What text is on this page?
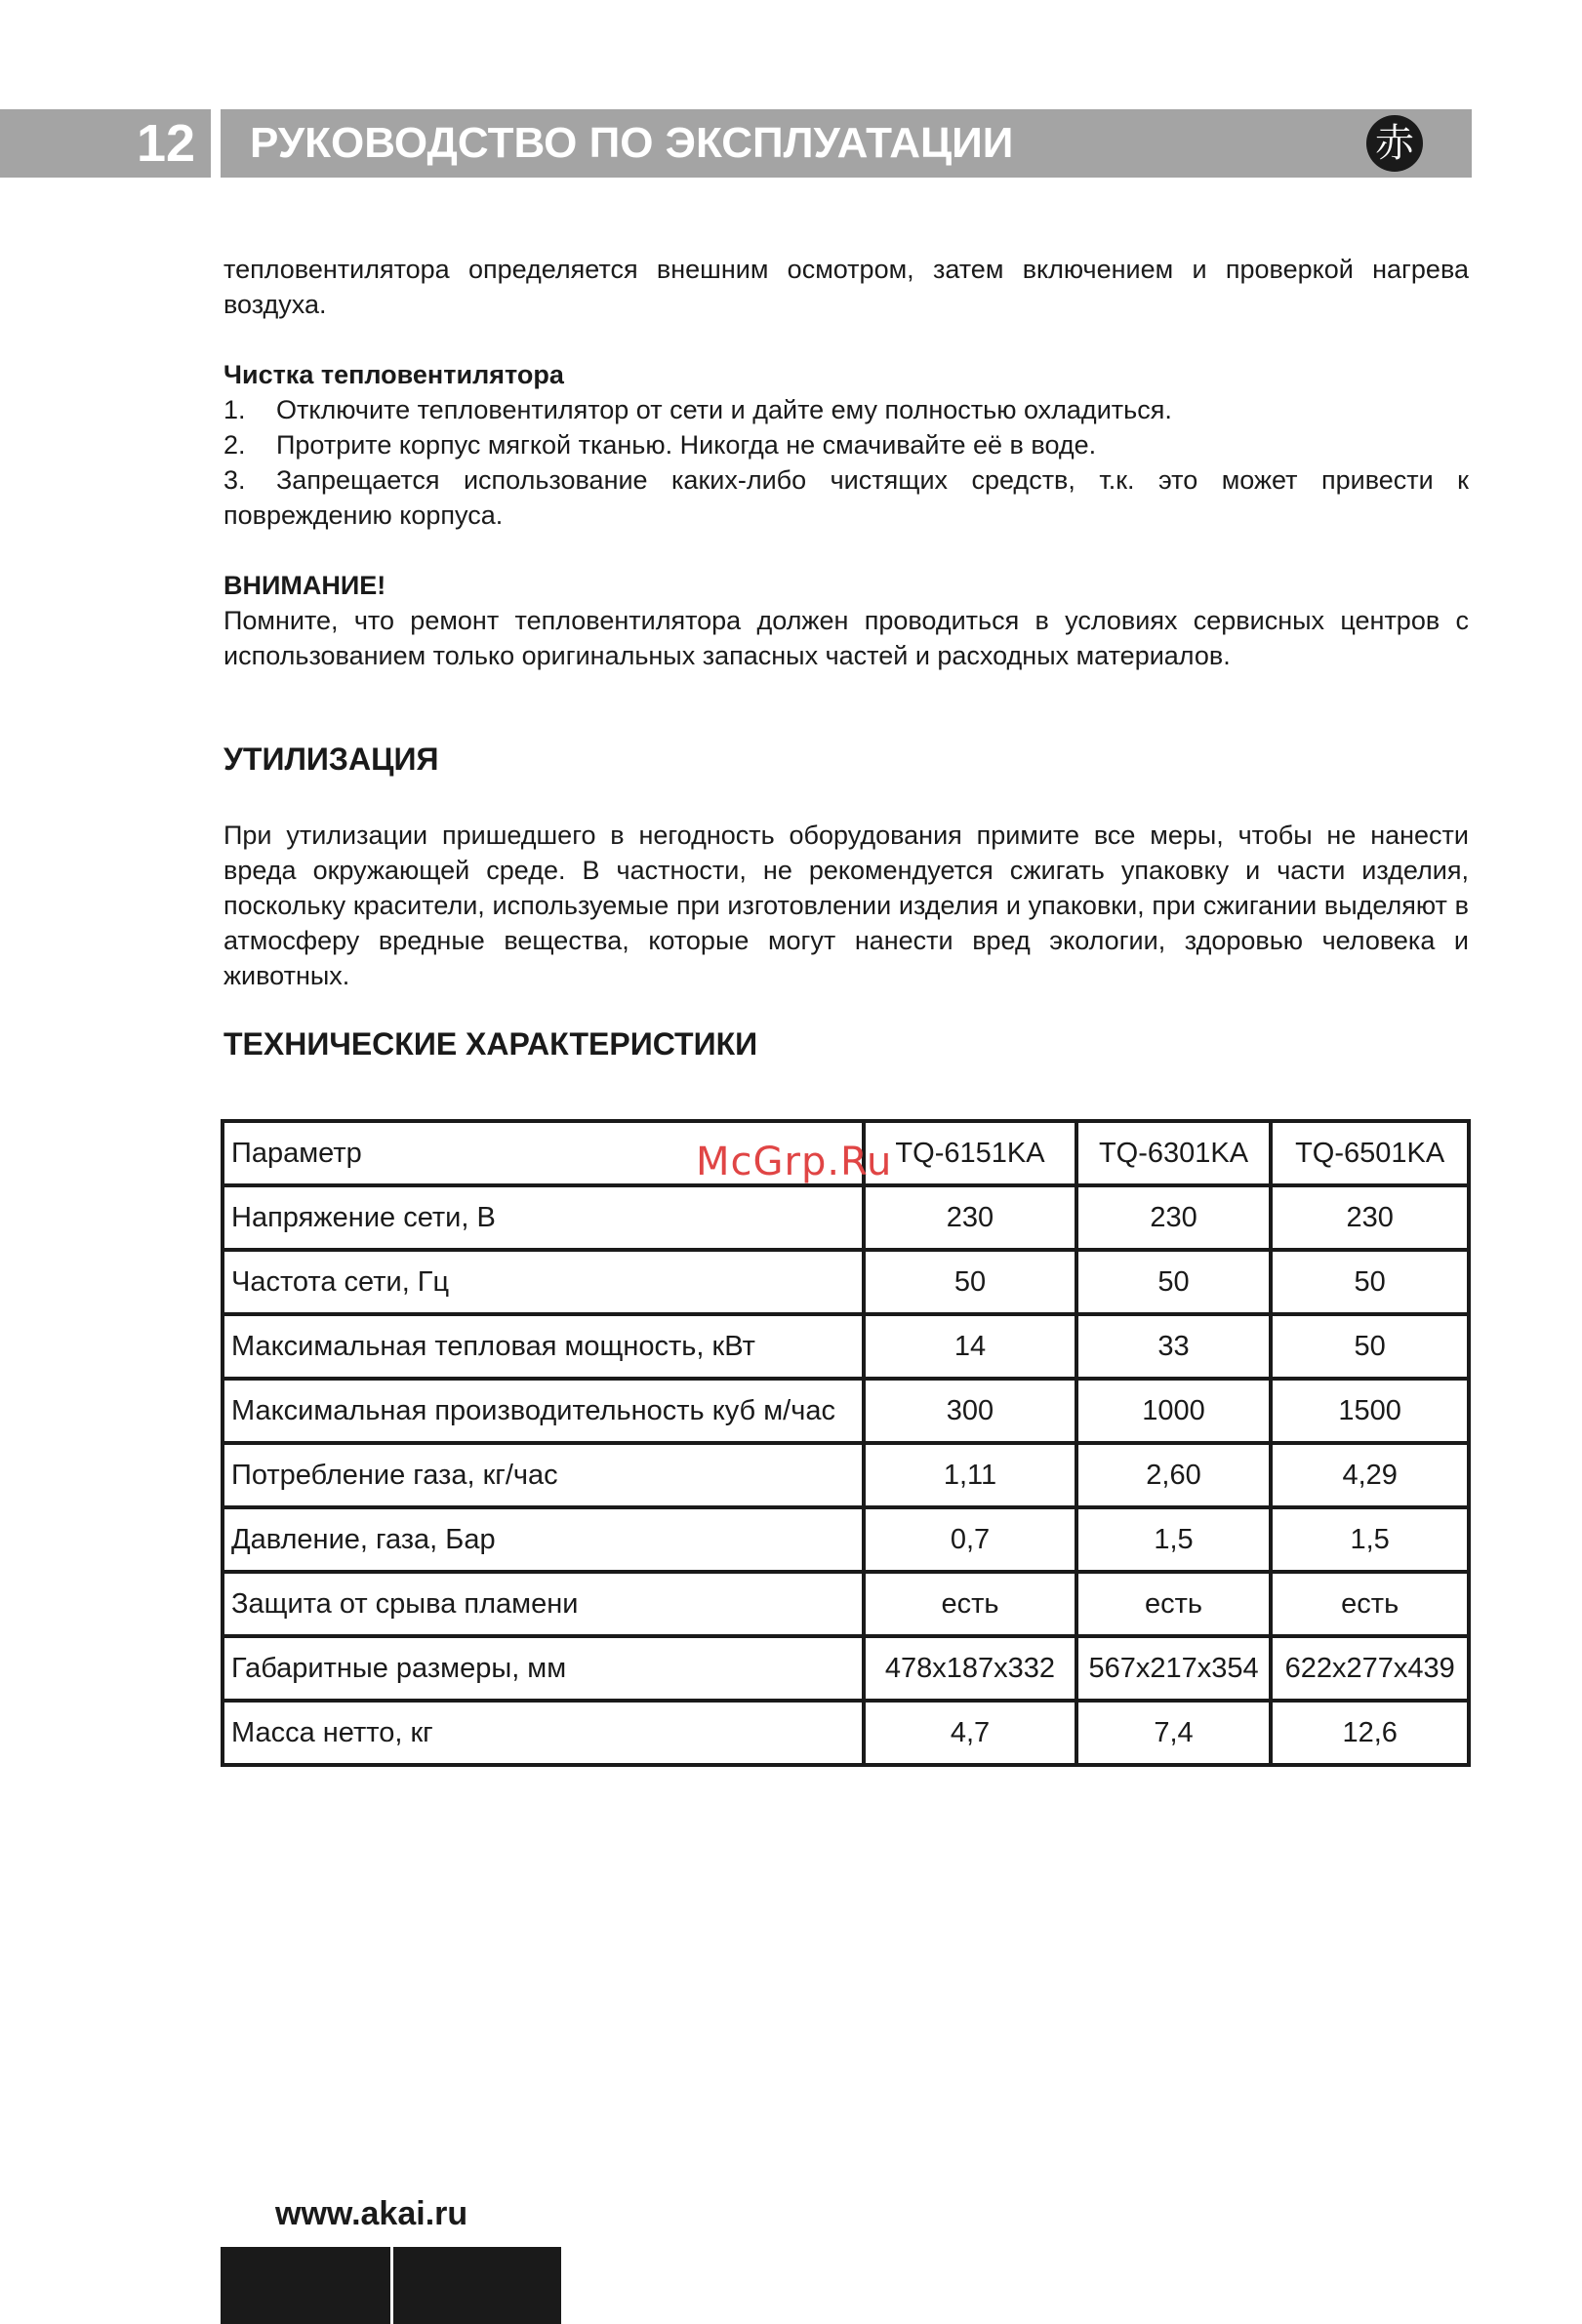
12	РУКОВОДСТВО ПО ЭКСПЛУАТАЦИИ	赤
тепловентилятора определяется внешним осмотром, затем включением и проверкой нагрева воздуха.
Чистка тепловентилятора
1. Отключите тепловентилятор от сети и дайте ему полностью охладиться.
2. Протрите корпус мягкой тканью. Никогда не смачивайте её в воде.
3. Запрещается использование каких-либо чистящих средств, т.к. это может привести к повреждению корпуса.
ВНИМАНИЕ!
Помните, что ремонт тепловентилятора должен проводиться в условиях сервисных центров с использованием только оригинальных запасных частей и расходных материалов.
УТИЛИЗАЦИЯ
При утилизации пришедшего в негодность оборудования примите все меры, чтобы не нанести вреда окружающей среде. В частности, не рекомендуется сжигать упаковку и части изделия, поскольку красители, используемые при изготовлении изделия и упаковки, при сжигании выделяют в атмосферу вредные вещества, которые могут нанести вред экологии, здоровью человека и животных.
ТЕХНИЧЕСКИЕ ХАРАКТЕРИСТИКИ
Параметр	TQ-6151KA	TQ-6301KA	TQ-6501KA
Напряжение сети, В	230	230	230
Частота сети, Гц	50	50	50
Максимальная тепловая мощность, кВт	14	33	50
Максимальная производительность куб м/час	300	1000	1500
Потребление газа, кг/час	1,11	2,60	4,29
Давление, газа, Бар	0,7	1,5	1,5
Защита от срыва пламени	есть	есть	есть
Габаритные размеры, мм	478x187x332	567x217x354	622x277x439
Масса нетто, кг	4,7	7,4	12,6
McGrp.Ru
www.akai.ru
